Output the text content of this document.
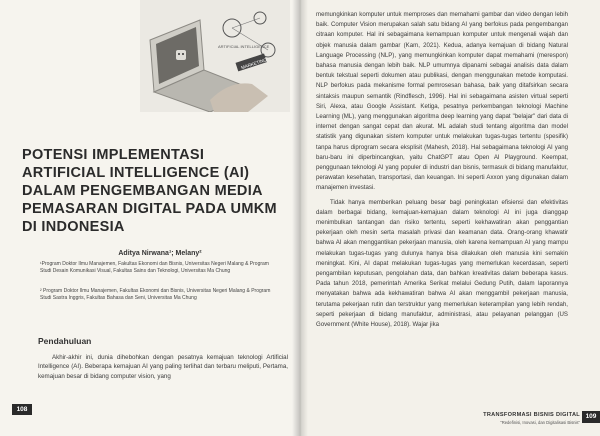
MARKETING
ARTIFICIAL INTELLIGENCE
POTENSI IMPLEMENTASI
ARTIFICIAL INTELLIGENCE (AI)
DALAM PENGEMBANGAN MEDIA
PEMASARAN DIGITAL PADA UMKM
DI INDONESIA
Aditya Nirwana¹; Melany²
¹Program Doktor Ilmu Manajemen, Fakultas Ekonomi dan Bisnis, Universitas Negeri Malang & Program Studi Desain Komunikasi Visual, Fakultas Sains dan Teknologi, Universitas Ma Chung
² Program Doktor Ilmu Manajemen, Fakultas Ekonomi dan Bisnis, Universitas Negeri Malang & Program Studi Sastra Inggris, Fakultas Bahasa dan Seni, Universitas Ma Chung
Pendahuluan

Akhir-akhir ini, dunia dihebohkan dengan pesatnya kemajuan teknologi Artificial Intelligence (AI). Beberapa kemajuan AI yang paling terlihat dan terbaru meliputi, Pertama, kemajuan besar di bidang computer vision, yang

108

memungkinkan komputer untuk memproses dan memahami gambar dan video dengan lebih baik. Computer Vision merupakan salah satu bidang AI yang berfokus pada pengembangan citraan komputer. Hal ini sebagaimana kemampuan komputer untuk mengenali wajah dan objek manusia dalam gambar (Kam, 2021). Kedua, adanya kemajuan di bidang Natural Language Processing (NLP), yang memungkinkan komputer dapat memahami (merespon) bahasa manusia dengan lebih baik. NLP umumnya dipanami sebagai analisis data dalam bentuk tekstual seperti dokumen atau publikasi, dengan menggunakan metode komputasi. NLP berfokus pada mekanisme formal pemrosesan bahasa, baik yang ditafsirkan secara sintaksis maupun semantik (Rindflesch, 1996). Hal ini sebagaimana asisten virtual seperti Siri, Alexa, atau Google Assistant. Ketiga, pesatnya perkembangan teknologi Machine Learning (ML), yang menggunakan algoritma deep learning yang dapat "belajar" dari data di internet dengan sangat cepat dan akurat. ML adalah studi tentang algoritma dan model statistik yang digunakan sistem komputer untuk melakukan tugas-tugas tertentu (spesifik) tanpa harus diprogram secara eksplisit (Mahesh, 2018). Hal sebagaimana teknologi AI yang baru-baru ini diperbincangkan, yaitu ChatGPT atau Open AI Playground. Keempat, penggunaan teknologi AI yang populer di industri dan bisnis, termasuk di bidang manufaktur, perawatan kesehatan, transportasi, dan keuangan. Ini seperti Axxon yang digunakan dalam manajemen investasi.

Tidak hanya memberikan peluang besar bagi peningkatan efisiensi dan efektivitas dalam berbagai bidang, kemajuan-kemajuan dalam teknologi AI ini juga dianggap menimbulkan tantangan dan risiko tertentu, seperti kekhawatiran akan penggantian pekerjaan oleh mesin serta masalah privasi dan keamanan data. Orang-orang khawatir bahwa AI akan menggantikan pekerjaan manusia, oleh karena kemampuan AI yang mampu melakukan tugas-tugas yang dulunya hanya bisa dilakukan oleh manusia kini semakin meningkat. Kini, AI dapat melakukan tugas-tugas yang memerlukan kecerdasan, seperti pengambilan keputusan, pengolahan data, dan bahkan kreativitas dalam beberapa kasus. Pada tahun 2018, pemerintah Amerika Serikat melalui Gedung Putih, dalam laporannya menyatakan bahwa ada kekhawatiran bahwa AI akan menggambil pekerjaan manusia, terutama pekerjaan rutin dan terstruktur yang memerlukan keterampilan yang lebih rendah, seperti pekerjaan di bidang manufaktur, administrasi, atau pelayanan pelanggan (US Government (White House), 2018). Wajar jika

TRANSFORMASI BISNIS DIGITAL
"Redefinisi, Inovasi, dan Digitalisasi Bisnis"
109
